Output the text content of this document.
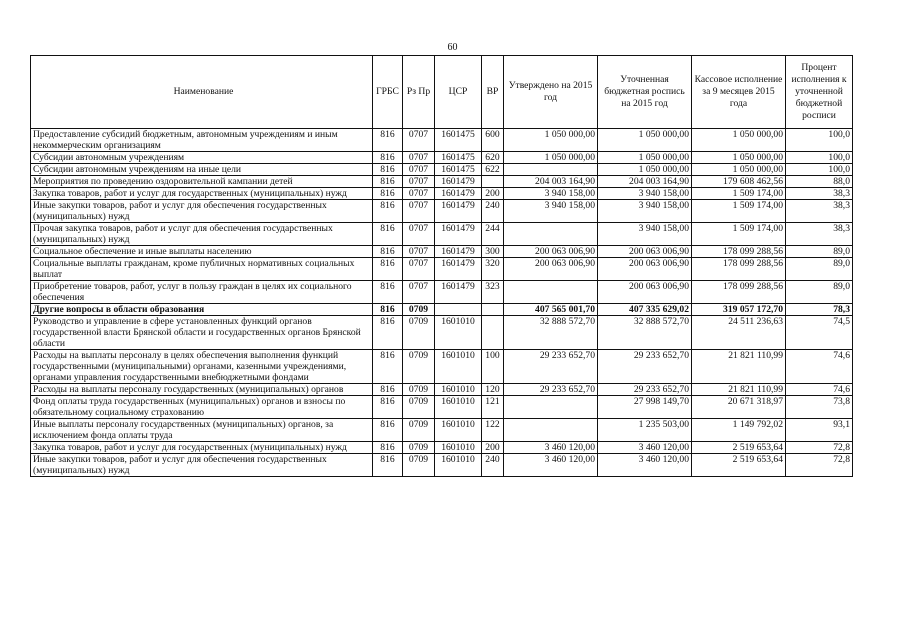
60
Наименование	ГРБС	Рз Пр	ЦСР	ВР	Утверждено на 2015 год	Уточненная бюджетная роспись на 2015 год	Кассовое исполнение за 9 месяцев 2015 года	Процент исполнения к уточненной бюджетной росписи
Предоставление субсидий бюджетным, автономным учреждениям и иным некоммерческим организациям	816	0707	1601475	600	1 050 000,00	1 050 000,00	1 050 000,00	100,0
Субсидии автономным учреждениям	816	0707	1601475	620	1 050 000,00	1 050 000,00	1 050 000,00	100,0
Субсидии автономным учреждениям на иные цели	816	0707	1601475	622		1 050 000,00	1 050 000,00	100,0
Мероприятия по проведению оздоровительной кампании детей	816	0707	1601479		204 003 164,90	204 003 164,90	179 608 462,56	88,0
Закупка товаров, работ и услуг для государственных (муниципальных) нужд	816	0707	1601479	200	3 940 158,00	3 940 158,00	1 509 174,00	38,3
Иные закупки товаров, работ и услуг для обеспечения государственных (муниципальных) нужд	816	0707	1601479	240	3 940 158,00	3 940 158,00	1 509 174,00	38,3
Прочая закупка товаров, работ и услуг для обеспечения государственных (муниципальных) нужд	816	0707	1601479	244		3 940 158,00	1 509 174,00	38,3
Социальное обеспечение и иные выплаты населению	816	0707	1601479	300	200 063 006,90	200 063 006,90	178 099 288,56	89,0
Социальные выплаты гражданам, кроме публичных нормативных социальных выплат	816	0707	1601479	320	200 063 006,90	200 063 006,90	178 099 288,56	89,0
Приобретение товаров, работ, услуг в пользу граждан в целях их социального обеспечения	816	0707	1601479	323		200 063 006,90	178 099 288,56	89,0
Другие вопросы в области образования	816	0709			407 565 001,70	407 335 629,02	319 057 172,70	78,3
Руководство и управление в сфере установленных функций органов государственной власти Брянской области и государственных органов Брянской области	816	0709	1601010		32 888 572,70	32 888 572,70	24 511 236,63	74,5
Расходы на выплаты персоналу в целях обеспечения выполнения функций государственными (муниципальными) органами, казенными учреждениями, органами управления государственными внебюджетными фондами	816	0709	1601010	100	29 233 652,70	29 233 652,70	21 821 110,99	74,6
Расходы на выплаты персоналу государственных (муниципальных) органов	816	0709	1601010	120	29 233 652,70	29 233 652,70	21 821 110,99	74,6
Фонд оплаты труда государственных (муниципальных) органов и взносы по обязательному социальному страхованию	816	0709	1601010	121		27 998 149,70	20 671 318,97	73,8
Иные выплаты персоналу государственных (муниципальных) органов, за исключением фонда оплаты труда	816	0709	1601010	122		1 235 503,00	1 149 792,02	93,1
Закупка товаров, работ и услуг для государственных (муниципальных) нужд	816	0709	1601010	200	3 460 120,00	3 460 120,00	2 519 653,64	72,8
Иные закупки товаров, работ и услуг для обеспечения государственных (муниципальных) нужд	816	0709	1601010	240	3 460 120,00	3 460 120,00	2 519 653,64	72,8
